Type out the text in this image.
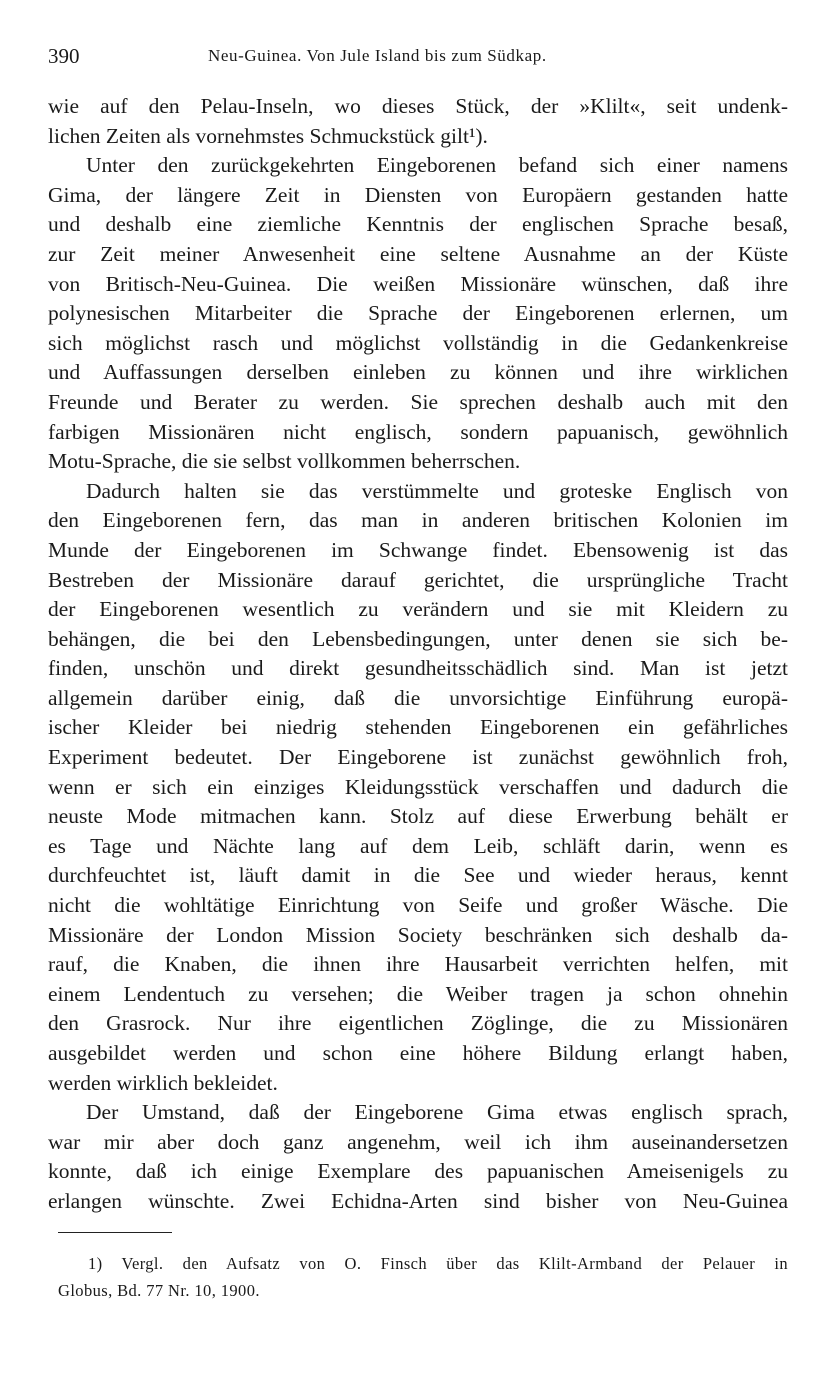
390	Neu-Guinea. Von Jule Island bis zum Südkap.
wie auf den Pelau-Inseln, wo dieses Stück, der »Klilt«, seit undenk-
lichen Zeiten als vornehmstes Schmuckstück gilt¹).
Unter den zurückgekehrten Eingeborenen befand sich einer namens
Gima, der längere Zeit in Diensten von Europäern gestanden hatte
und deshalb eine ziemliche Kenntnis der englischen Sprache besaß,
zur Zeit meiner Anwesenheit eine seltene Ausnahme an der Küste
von Britisch-Neu-Guinea. Die weißen Missionäre wünschen, daß ihre
polynesischen Mitarbeiter die Sprache der Eingeborenen erlernen, um
sich möglichst rasch und möglichst vollständig in die Gedankenkreise
und Auffassungen derselben einleben zu können und ihre wirklichen
Freunde und Berater zu werden. Sie sprechen deshalb auch mit den
farbigen Missionären nicht englisch, sondern papuanisch, gewöhnlich
Motu-Sprache, die sie selbst vollkommen beherrschen.
Dadurch halten sie das verstümmelte und groteske Englisch von
den Eingeborenen fern, das man in anderen britischen Kolonien im
Munde der Eingeborenen im Schwange findet. Ebensowenig ist das
Bestreben der Missionäre darauf gerichtet, die ursprüngliche Tracht
der Eingeborenen wesentlich zu verändern und sie mit Kleidern zu
behängen, die bei den Lebensbedingungen, unter denen sie sich be-
finden, unschön und direkt gesundheitsschädlich sind. Man ist jetzt
allgemein darüber einig, daß die unvorsichtige Einführung europä-
ischer Kleider bei niedrig stehenden Eingeborenen ein gefährliches
Experiment bedeutet. Der Eingeborene ist zunächst gewöhnlich froh,
wenn er sich ein einziges Kleidungsstück verschaffen und dadurch die
neuste Mode mitmachen kann. Stolz auf diese Erwerbung behält er
es Tage und Nächte lang auf dem Leib, schläft darin, wenn es
durchfeuchtet ist, läuft damit in die See und wieder heraus, kennt
nicht die wohltätige Einrichtung von Seife und großer Wäsche. Die
Missionäre der London Mission Society beschränken sich deshalb da-
rauf, die Knaben, die ihnen ihre Hausarbeit verrichten helfen, mit
einem Lendentuch zu versehen; die Weiber tragen ja schon ohnehin
den Grasrock. Nur ihre eigentlichen Zöglinge, die zu Missionären
ausgebildet werden und schon eine höhere Bildung erlangt haben,
werden wirklich bekleidet.
Der Umstand, daß der Eingeborene Gima etwas englisch sprach,
war mir aber doch ganz angenehm, weil ich ihm auseinandersetzen
konnte, daß ich einige Exemplare des papuanischen Ameisenigels zu
erlangen wünschte. Zwei Echidna-Arten sind bisher von Neu-Guinea
1) Vergl. den Aufsatz von O. Finsch über das Klilt-Armband der Pelauer in
Globus, Bd. 77 Nr. 10, 1900.
